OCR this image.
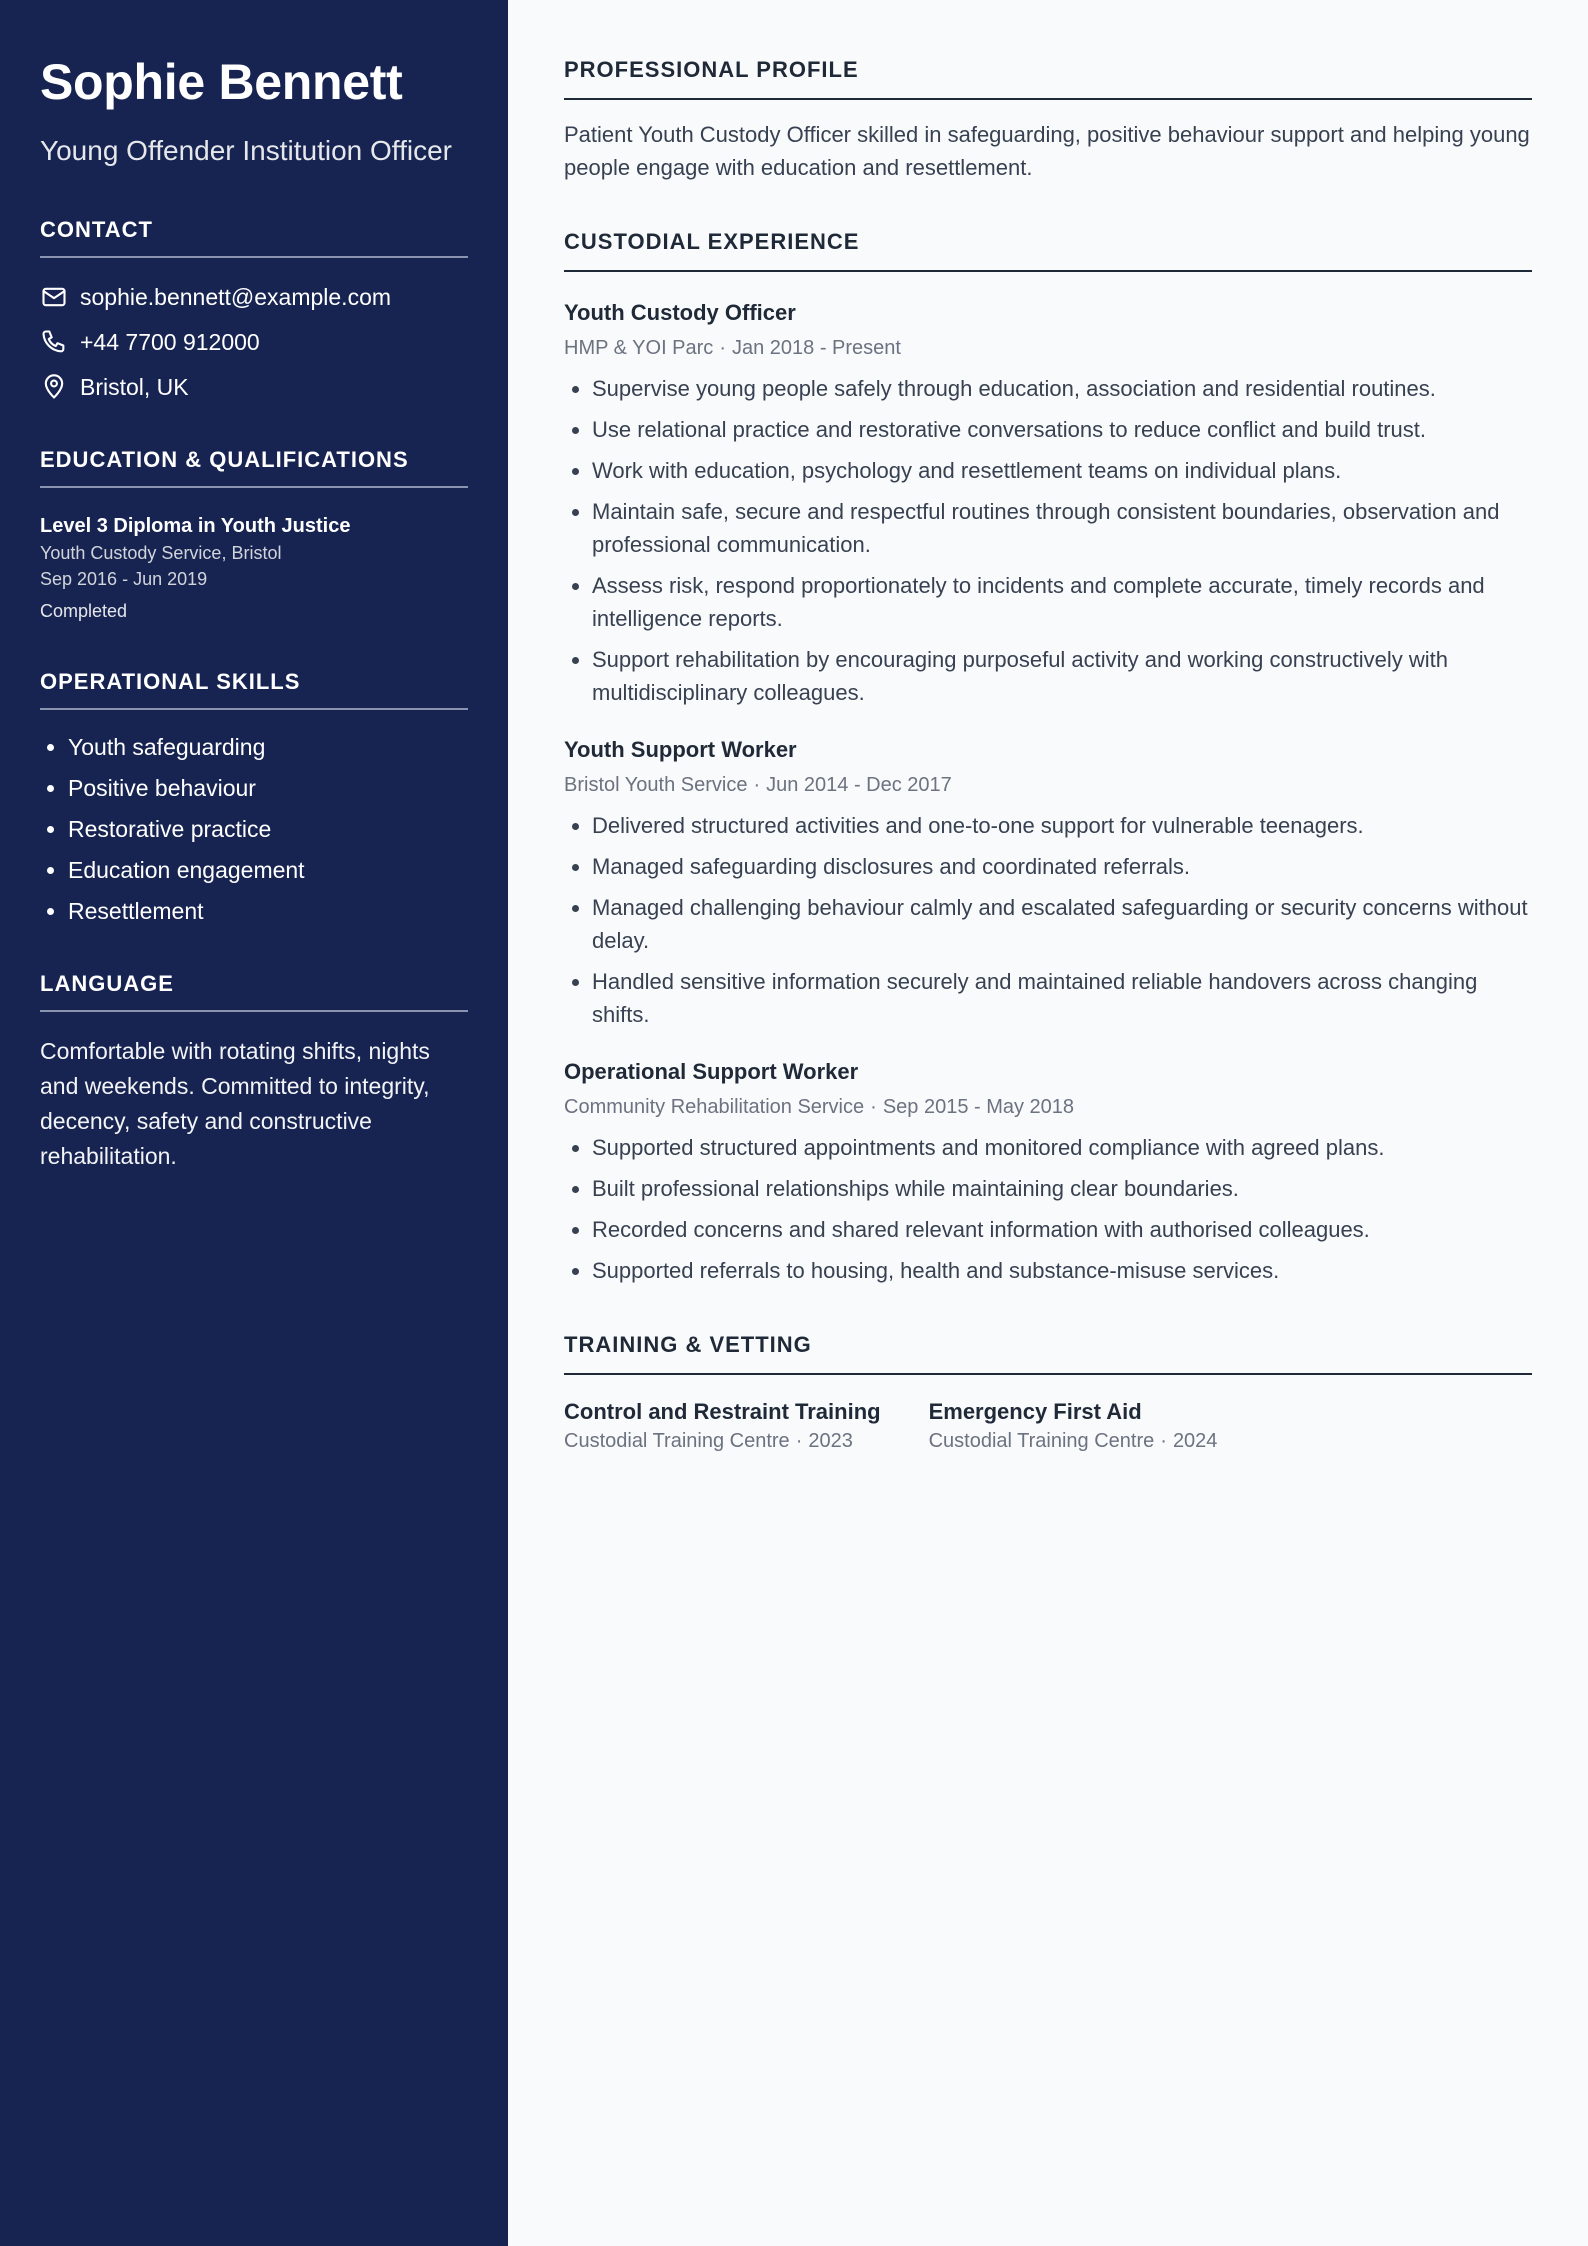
Sophie Bennett

Young Offender Institution Officer

CONTACT
sophie.bennett@example.com
+44 7700 912000
Bristol, UK
EDUCATION & QUALIFICATIONS
Level 3 Diploma in Youth Justice
Youth Custody Service, Bristol
Sep 2016 - Jun 2019
Completed
OPERATIONAL SKILLS
• Youth safeguarding
• Positive behaviour
• Restorative practice
• Education engagement
• Resettlement
LANGUAGE

Comfortable with rotating shifts, nights and weekends. Committed to integrity, decency, safety and constructive rehabilitation.

PROFESSIONAL PROFILE

Patient Youth Custody Officer skilled in safeguarding, positive behaviour support and helping young people engage with education and resettlement.

CUSTODIAL EXPERIENCE
Youth Custody Officer
HMP & YOI Parc · Jan 2018 - Present
• Supervise young people safely through education, association and residential routines.
• Use relational practice and restorative conversations to reduce conflict and build trust.
• Work with education, psychology and resettlement teams on individual plans.
• Maintain safe, secure and respectful routines through consistent boundaries, observation and professional communication.
• Assess risk, respond proportionately to incidents and complete accurate, timely records and intelligence reports.
• Support rehabilitation by encouraging purposeful activity and working constructively with multidisciplinary colleagues.
Youth Support Worker
Bristol Youth Service · Jun 2014 - Dec 2017
• Delivered structured activities and one-to-one support for vulnerable teenagers.
• Managed safeguarding disclosures and coordinated referrals.
• Managed challenging behaviour calmly and escalated safeguarding or security concerns without delay.
• Handled sensitive information securely and maintained reliable handovers across changing shifts.
Operational Support Worker
Community Rehabilitation Service · Sep 2015 - May 2018
• Supported structured appointments and monitored compliance with agreed plans.
• Built professional relationships while maintaining clear boundaries.
• Recorded concerns and shared relevant information with authorised colleagues.
• Supported referrals to housing, health and substance-misuse services.
TRAINING & VETTING
Control and Restraint Training
Custodial Training Centre · 2023
Emergency First Aid
Custodial Training Centre · 2024
